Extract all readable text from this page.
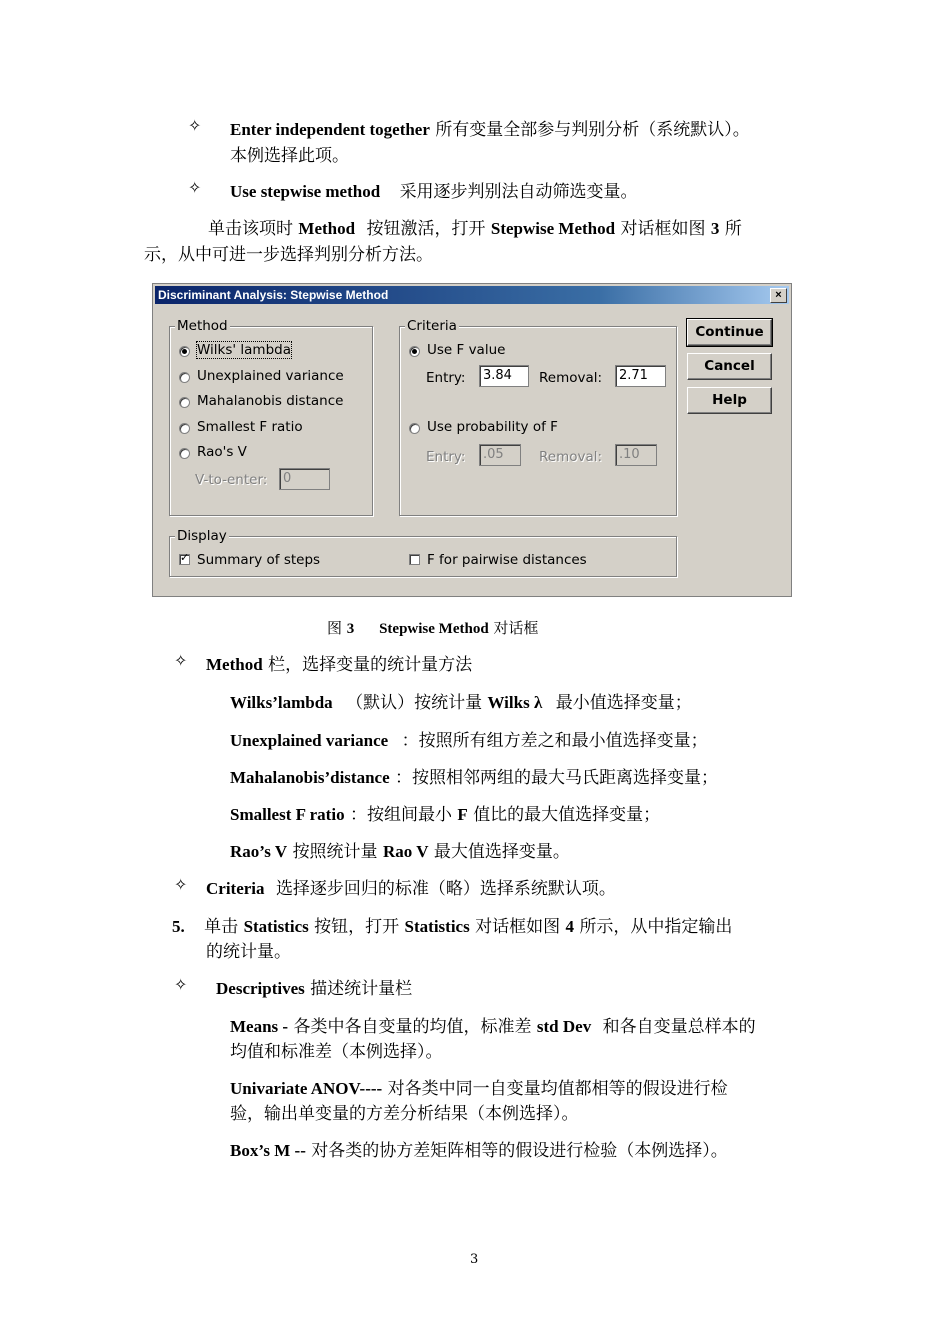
✧ Enter independent together 所有变量全部参与判别分析（系统默认）。
本例选择此项。
✧ Use stepwise method 采用逐步判别法自动筛选变量。
单击该项时 Method 按钮激活，打开 Stepwise Method 对话框如图 3 所
示，从中可进一步选择判别分析方法。
Discriminant Analysis: Stepwise Method	×
Method
Wilks' lambda
Unexplained variance
Mahalanobis distance
Smallest F ratio
Rao's V
V-to-enter:	0
Criteria
Use F value
Entry:	3.84	Removal:	2.71
Use probability of F
Entry:	.05	Removal:	.10
Display
✓
Summary of steps	F for pairwise distances
Continue
Cancel
Help
图 3 Stepwise Method 对话框
✧ Method 栏，选择变量的统计量方法
Wilks’lambda （默认）按统计量 Wilks λ 最小值选择变量；
Unexplained variance ：按照所有组方差之和最小值选择变量；
Mahalanobis’distance ：按照相邻两组的最大马氏距离选择变量；
Smallest F ratio ：按组间最小 F 值比的最大值选择变量；
Rao’s V 按照统计量 Rao V 最大值选择变量。
✧ Criteria 选择逐步回归的标准（略）选择系统默认项。
5. 单击 Statistics 按钮，打开 Statistics 对话框如图 4 所示，从中指定输出
的统计量。
✧ Descriptives 描述统计量栏
Means - 各类中各自变量的均值，标准差 std Dev 和各自变量总样本的
均值和标准差（本例选择）。
Univariate ANOV---- 对各类中同一自变量均值都相等的假设进行检
验，输出单变量的方差分析结果（本例选择）。
Box’s M -- 对各类的协方差矩阵相等的假设进行检验（本例选择）。
3
